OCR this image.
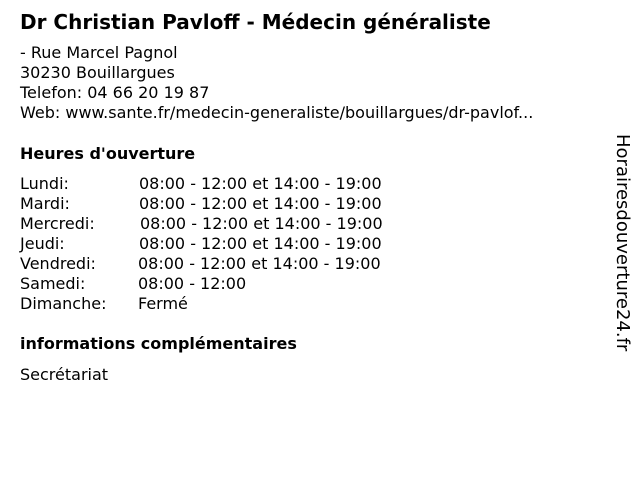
Dr Christian Pavloff - Médecin généraliste
- Rue Marcel Pagnol
30230 Bouillargues
Telefon: 04 66 20 19 87
Web: www.sante.fr/medecin-generaliste/bouillargues/dr-pavlof...
Heures d'ouverture
Lundi:	08:00 - 12:00 et 14:00 - 19:00
Mardi:	08:00 - 12:00 et 14:00 - 19:00
Mercredi:	08:00 - 12:00 et 14:00 - 19:00
Jeudi:	08:00 - 12:00 et 14:00 - 19:00
Vendredi:	08:00 - 12:00 et 14:00 - 19:00
Samedi:	08:00 - 12:00
Dimanche: Fermé
informations complémentaires
Secrétariat
Horairesdouverture24.fr
